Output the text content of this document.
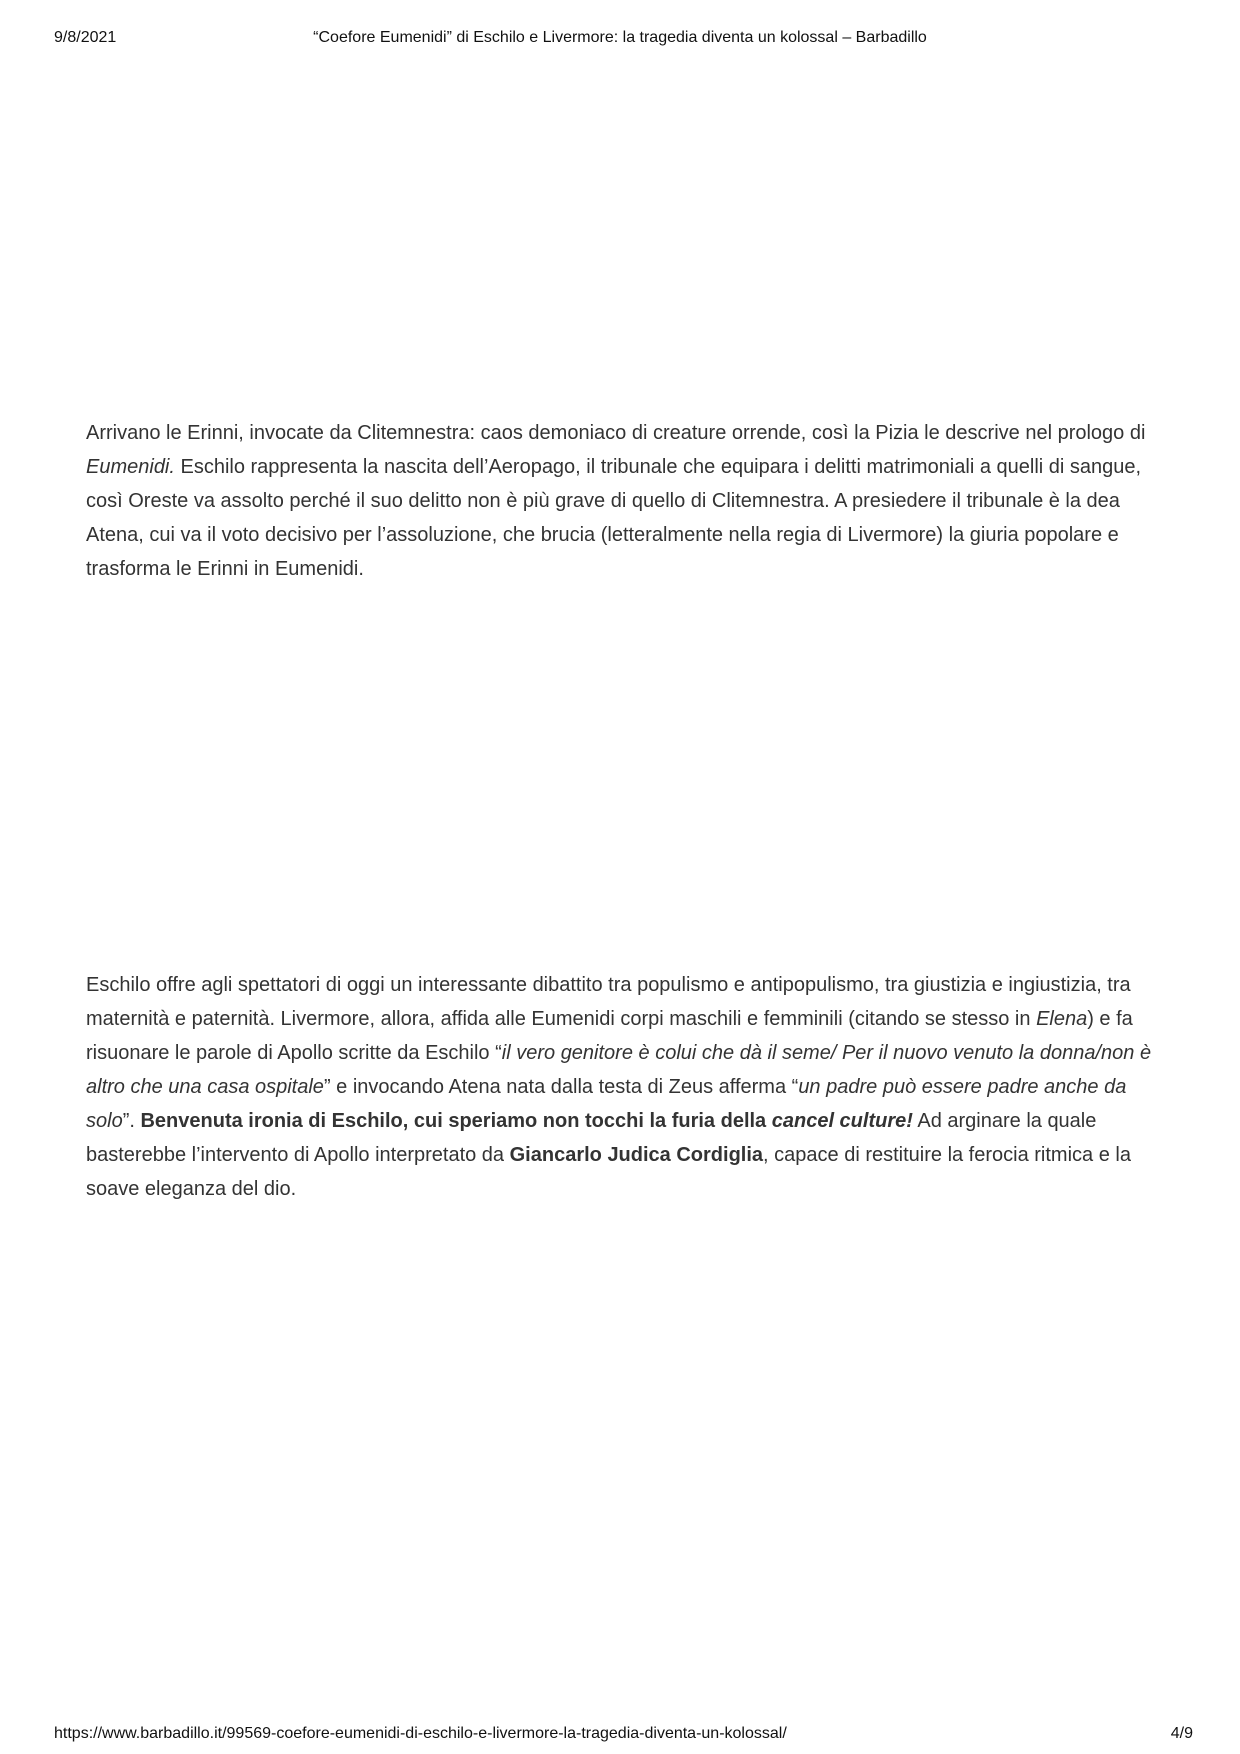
9/8/2021	“Coefore Eumenidi” di Eschilo e Livermore: la tragedia diventa un kolossal – Barbadillo

Arrivano le Erinni, invocate da Clitemnestra: caos demoniaco di creature orrende, così la Pizia le descrive nel prologo di Eumenidi. Eschilo rappresenta la nascita dell’Aeropago, il tribunale che equipara i delitti matrimoniali a quelli di sangue, così Oreste va assolto perché il suo delitto non è più grave di quello di Clitemnestra. A presiedere il tribunale è la dea Atena, cui va il voto decisivo per l’assoluzione, che brucia (letteralmente nella regia di Livermore) la giuria popolare e trasforma le Erinni in Eumenidi.

Eschilo offre agli spettatori di oggi un interessante dibattito tra populismo e antipopulismo, tra giustizia e ingiustizia, tra maternità e paternità. Livermore, allora, affida alle Eumenidi corpi maschili e femminili (citando se stesso in Elena) e fa risuonare le parole di Apollo scritte da Eschilo “il vero genitore è colui che dà il seme/ Per il nuovo venuto la donna/non è altro che una casa ospitale” e invocando Atena nata dalla testa di Zeus afferma “un padre può essere padre anche da solo”. Benvenuta ironia di Eschilo, cui speriamo non tocchi la furia della cancel culture! Ad arginare la quale basterebbe l’intervento di Apollo interpretato da Giancarlo Judica Cordiglia, capace di restituire la ferocia ritmica e la soave eleganza del dio.

https://www.barbadillo.it/99569-coefore-eumenidi-di-eschilo-e-livermore-la-tragedia-diventa-un-kolossal/	4/9
